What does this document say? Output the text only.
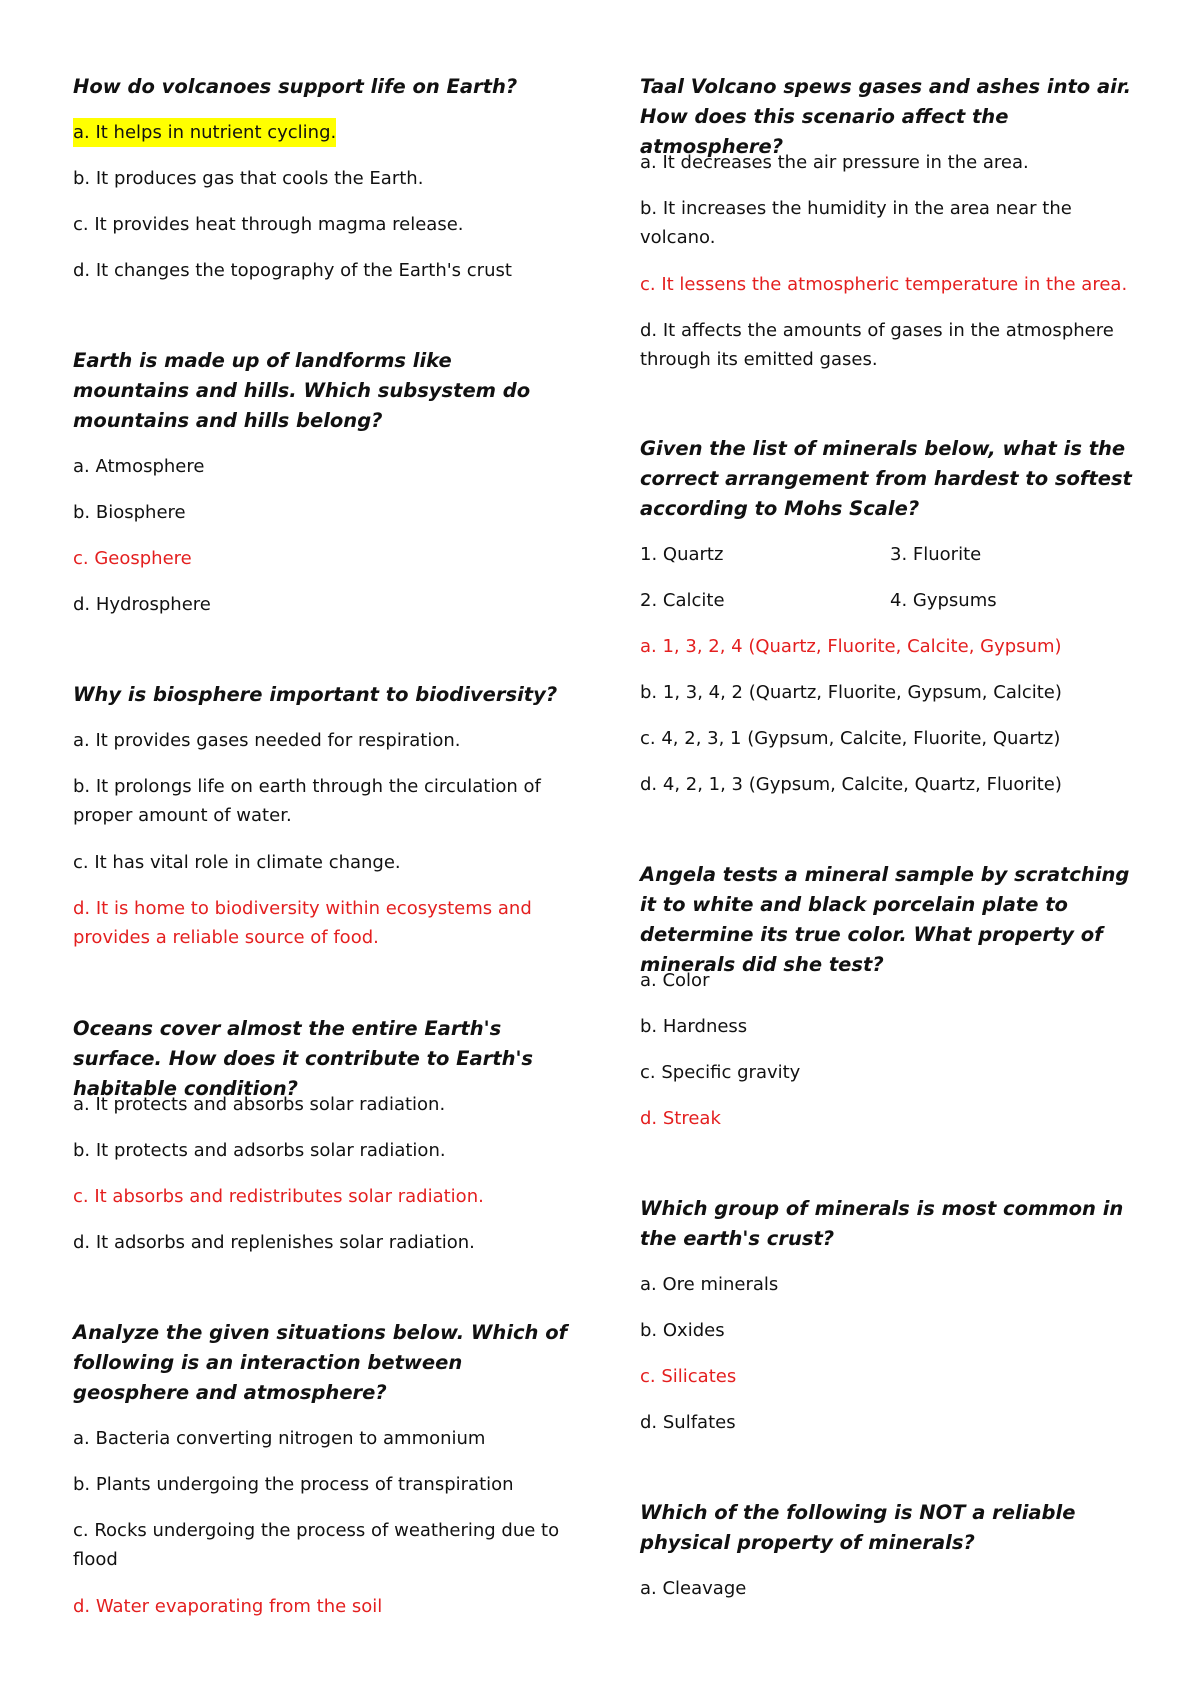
How do volcanoes support life on Earth?

a. It helps in nutrient cycling.

b. It produces gas that cools the Earth.

c. It provides heat through magma release.

d. It changes the topography of the Earth's crust

Earth is made up of landforms like mountains and hills. Which subsystem do mountains and hills belong?

a. Atmosphere

b. Biosphere

c. Geosphere

d. Hydrosphere

Why is biosphere important to biodiversity?

a. It provides gases needed for respiration.

b. It prolongs life on earth through the circulation of proper amount of water.

c. It has vital role in climate change.

d. It is home to biodiversity within ecosystems and provides a reliable source of food.

Oceans cover almost the entire Earth's surface. How does it contribute to Earth's habitable condition?

a. It protects and absorbs solar radiation.

b. It protects and adsorbs solar radiation.

c. It absorbs and redistributes solar radiation.

d. It adsorbs and replenishes solar radiation.

Analyze the given situations below. Which of following is an interaction between geosphere and atmosphere?

a. Bacteria converting nitrogen to ammonium

b. Plants undergoing the process of transpiration

c. Rocks undergoing the process of weathering due to flood

d. Water evaporating from the soil

Taal Volcano spews gases and ashes into air. How does this scenario affect the atmosphere?

a. It decreases the air pressure in the area.

b. It increases the humidity in the area near the volcano.

c. It lessens the atmospheric temperature in the area.

d. It affects the amounts of gases in the atmosphere through its emitted gases.

Given the list of minerals below, what is the correct arrangement from hardest to softest according to Mohs Scale?

1. Quartz	3. Fluorite
2. Calcite	4. Gypsums

a. 1, 3, 2, 4 (Quartz, Fluorite, Calcite, Gypsum)

b. 1, 3, 4, 2 (Quartz, Fluorite, Gypsum, Calcite)

c. 4, 2, 3, 1 (Gypsum, Calcite, Fluorite, Quartz)

d. 4, 2, 1, 3 (Gypsum, Calcite, Quartz, Fluorite)

Angela tests a mineral sample by scratching it to white and black porcelain plate to determine its true color. What property of minerals did she test?

a. Color

b. Hardness

c. Specific gravity

d. Streak

Which group of minerals is most common in the earth's crust?

a. Ore minerals

b. Oxides

c. Silicates

d. Sulfates

Which of the following is NOT a reliable physical property of minerals?

a. Cleavage
